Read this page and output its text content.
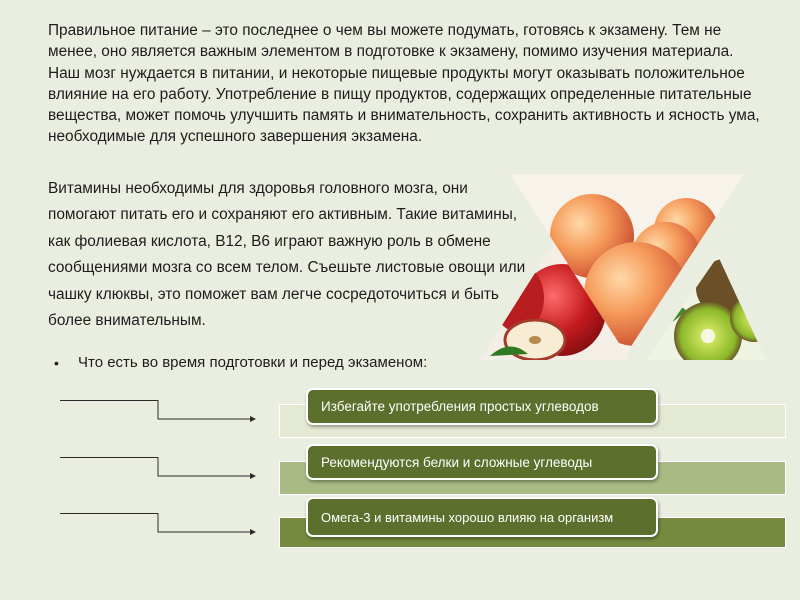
Правильное питание – это последнее о чем вы можете подумать, готовясь к экзамену. Тем не менее, оно является важным элементом в подготовке к экзамену, помимо изучения материала. Наш мозг нуждается в питании, и некоторые пищевые продукты могут оказывать положительное влияние на его работу. Употребление в пищу продуктов, содержащих определенные питательные вещества, может помочь улучшить память и внимательность, сохранить активность и ясность ума, необходимые для успешного завершения экзамена.

Витамины необходимы для здоровья головного мозга, они помогают питать его и сохраняют его активным. Такие витамины, как фолиевая кислота, B12, B6 играют важную роль в обмене сообщениями мозга со всем телом. Съешьте листовые овощи или чашку клюквы, это поможет вам легче сосредоточиться и быть более внимательным.

• Что есть во время подготовки и перед экзаменом:
Избегайте употребления простых углеводов
Рекомендуются белки и сложные углеводы
Омега-3 и витамины хорошо влияю на организм
